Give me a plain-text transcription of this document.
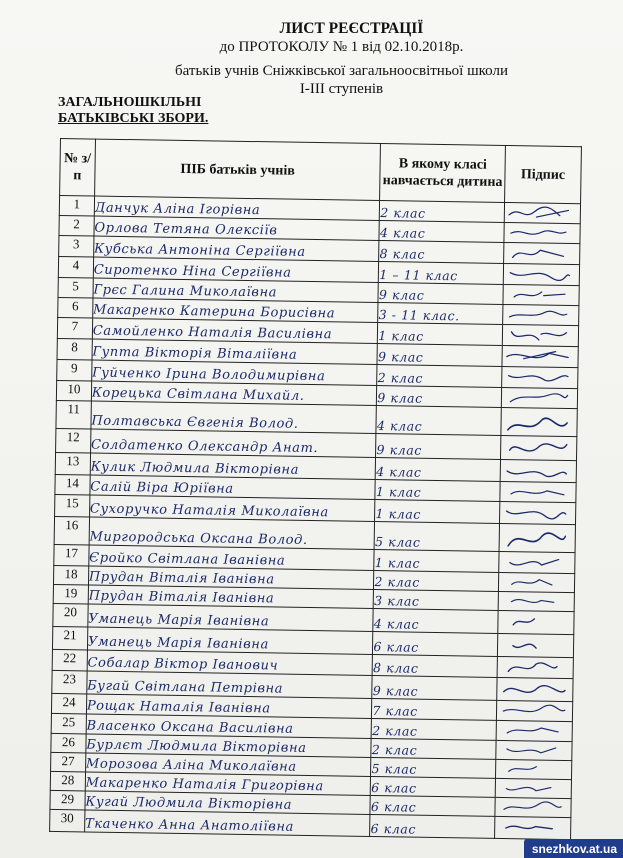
ЛИСТ РЕЄСТРАЦІЇ
до ПРОТОКОЛУ № 1 від 02.10.2018р.
батьків учнів Сніжківської загальноосвітньої школи
I-III ступенів
ЗАГАЛЬНОШКІЛЬНІ
БАТЬКІВСЬКІ ЗБОРИ.
№ з/п	ПІБ батьків учнів	В якому класі навчається дитина	Підпис
1	Данчук Аліна Ігорівна	2 клас	

2	Орлова Тетяна Олексіїв	4 клас	

3	Кубська Антоніна Сергіївна	8 клас	

4	Сиротенко Ніна Сергіївна	1 – 11 клас	

5	Грєс Галина Миколаївна	9 клас	

6	Макаренко Катерина Борисівна	3 - 11 клас.	

7	Самойленко Наталія Василівна	1 клас	

8	Гупта Вікторія Віталіївна	9 клас	

9	Гуйченко Ірина Володимирівна	2 клас	

10	Корецька Світлана Михайл.	9 клас	

11	Полтавська Євгенія Волод.	4 клас	

12	Солдатенко Олександр Анат.	9 клас	

13	Кулик Людмила Вікторівна	4 клас	

14	Салій Віра Юріївна	1 клас	

15	Сухоручко Наталія Миколаївна	1 клас	

16	Миргородська Оксана Волод.	5 клас	

17	Єройко Світлана Іванівна	1 клас	

18	Прудан Віталія Іванівна	2 клас	

19	Прудан Віталія Іванівна	3 клас	

20	Уманець Марія Іванівна	4 клас	

21	Уманець Марія Іванівна	6 клас	

22	Собалар Віктор Іванович	8 клас	

23	Бугай Світлана Петрівна	9 клас	

24	Рощак Наталія Іванівна	7 клас	

25	Власенко Оксана Василівна	2 клас	

26	Бурлєт Людмила Вікторівна	2 клас	

27	Морозова Аліна Миколаївна	5 клас	

28	Макаренко Наталія Григорівна	6 клас	

29	Кугай Людмила Вікторівна	6 клас	

30	Ткаченко Анна Анатоліївна	6 клас	
snezhkov.at.ua
